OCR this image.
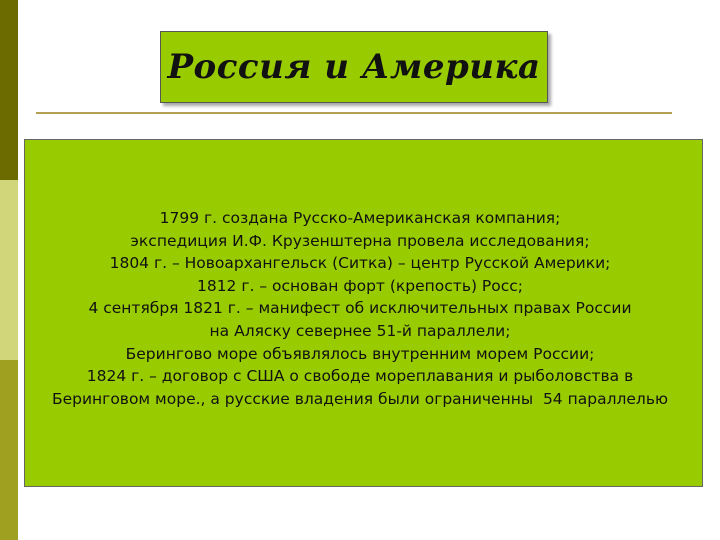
Россия и Америка
1799 г. создана Русско-Американская компания;
экспедиция И.Ф. Крузенштерна провела исследования;
1804 г. – Новоархангельск (Ситка) – центр Русской Америки;
1812 г. – основан форт (крепость) Росс;
4 сентября 1821 г. – манифест об исключительных правах России
на Аляску севернее 51-й параллели;
Берингово море объявлялось внутренним морем России;
1824 г. – договор с США о свободе мореплавания и рыболовства в
Беринговом море., а русские владения были ограниченны  54 параллелью
